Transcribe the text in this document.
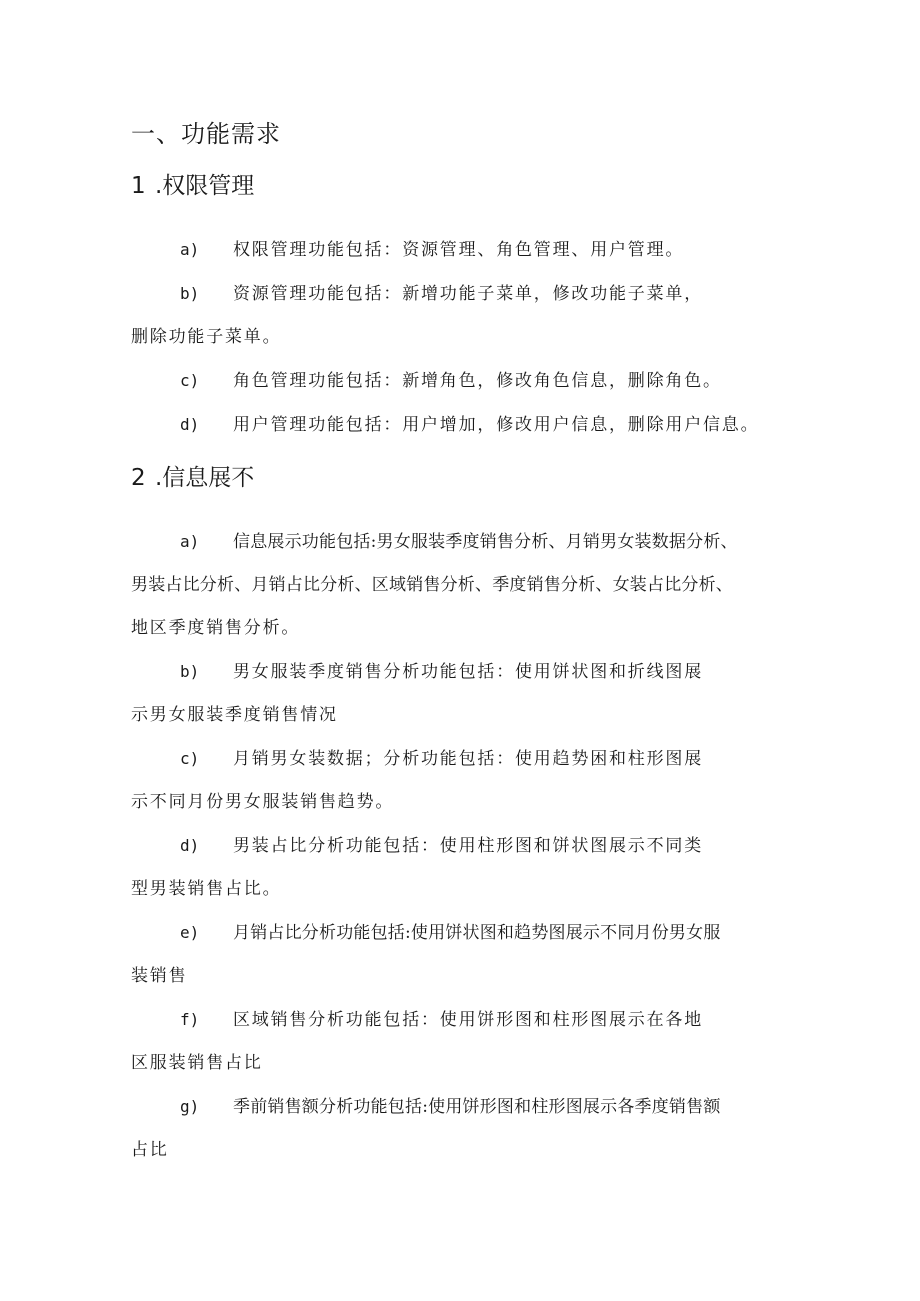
一、功能需求
1 .权限管理
a) 权限管理功能包括：资源管理、角色管理、用户管理。
b) 资源管理功能包括：新增功能子菜单，修改功能子菜单，
删除功能子菜单。
c) 角色管理功能包括：新增角色，修改角色信息，删除角色。
d) 用户管理功能包括：用户增加，修改用户信息，删除用户信息。
2 .信息展不
a) 信息展示功能包括:男女服装季度销售分析、月销男女装数据分析、
男装占比分析、月销占比分析、区域销售分析、季度销售分析、女装占比分析、
地区季度销售分析。
b) 男女服装季度销售分析功能包括：使用饼状图和折线图展
示男女服装季度销售情况
c) 月销男女装数据；分析功能包括：使用趋势困和柱形图展
示不同月份男女服装销售趋势。
d) 男装占比分析功能包括：使用柱形图和饼状图展示不同类
型男装销售占比。
e) 月销占比分析功能包括:使用饼状图和趋势图展示不同月份男女服
装销售
f) 区域销售分析功能包括：使用饼形图和柱形图展示在各地
区服装销售占比
g) 季前销售额分析功能包括:使用饼形图和柱形图展示各季度销售额
占比
